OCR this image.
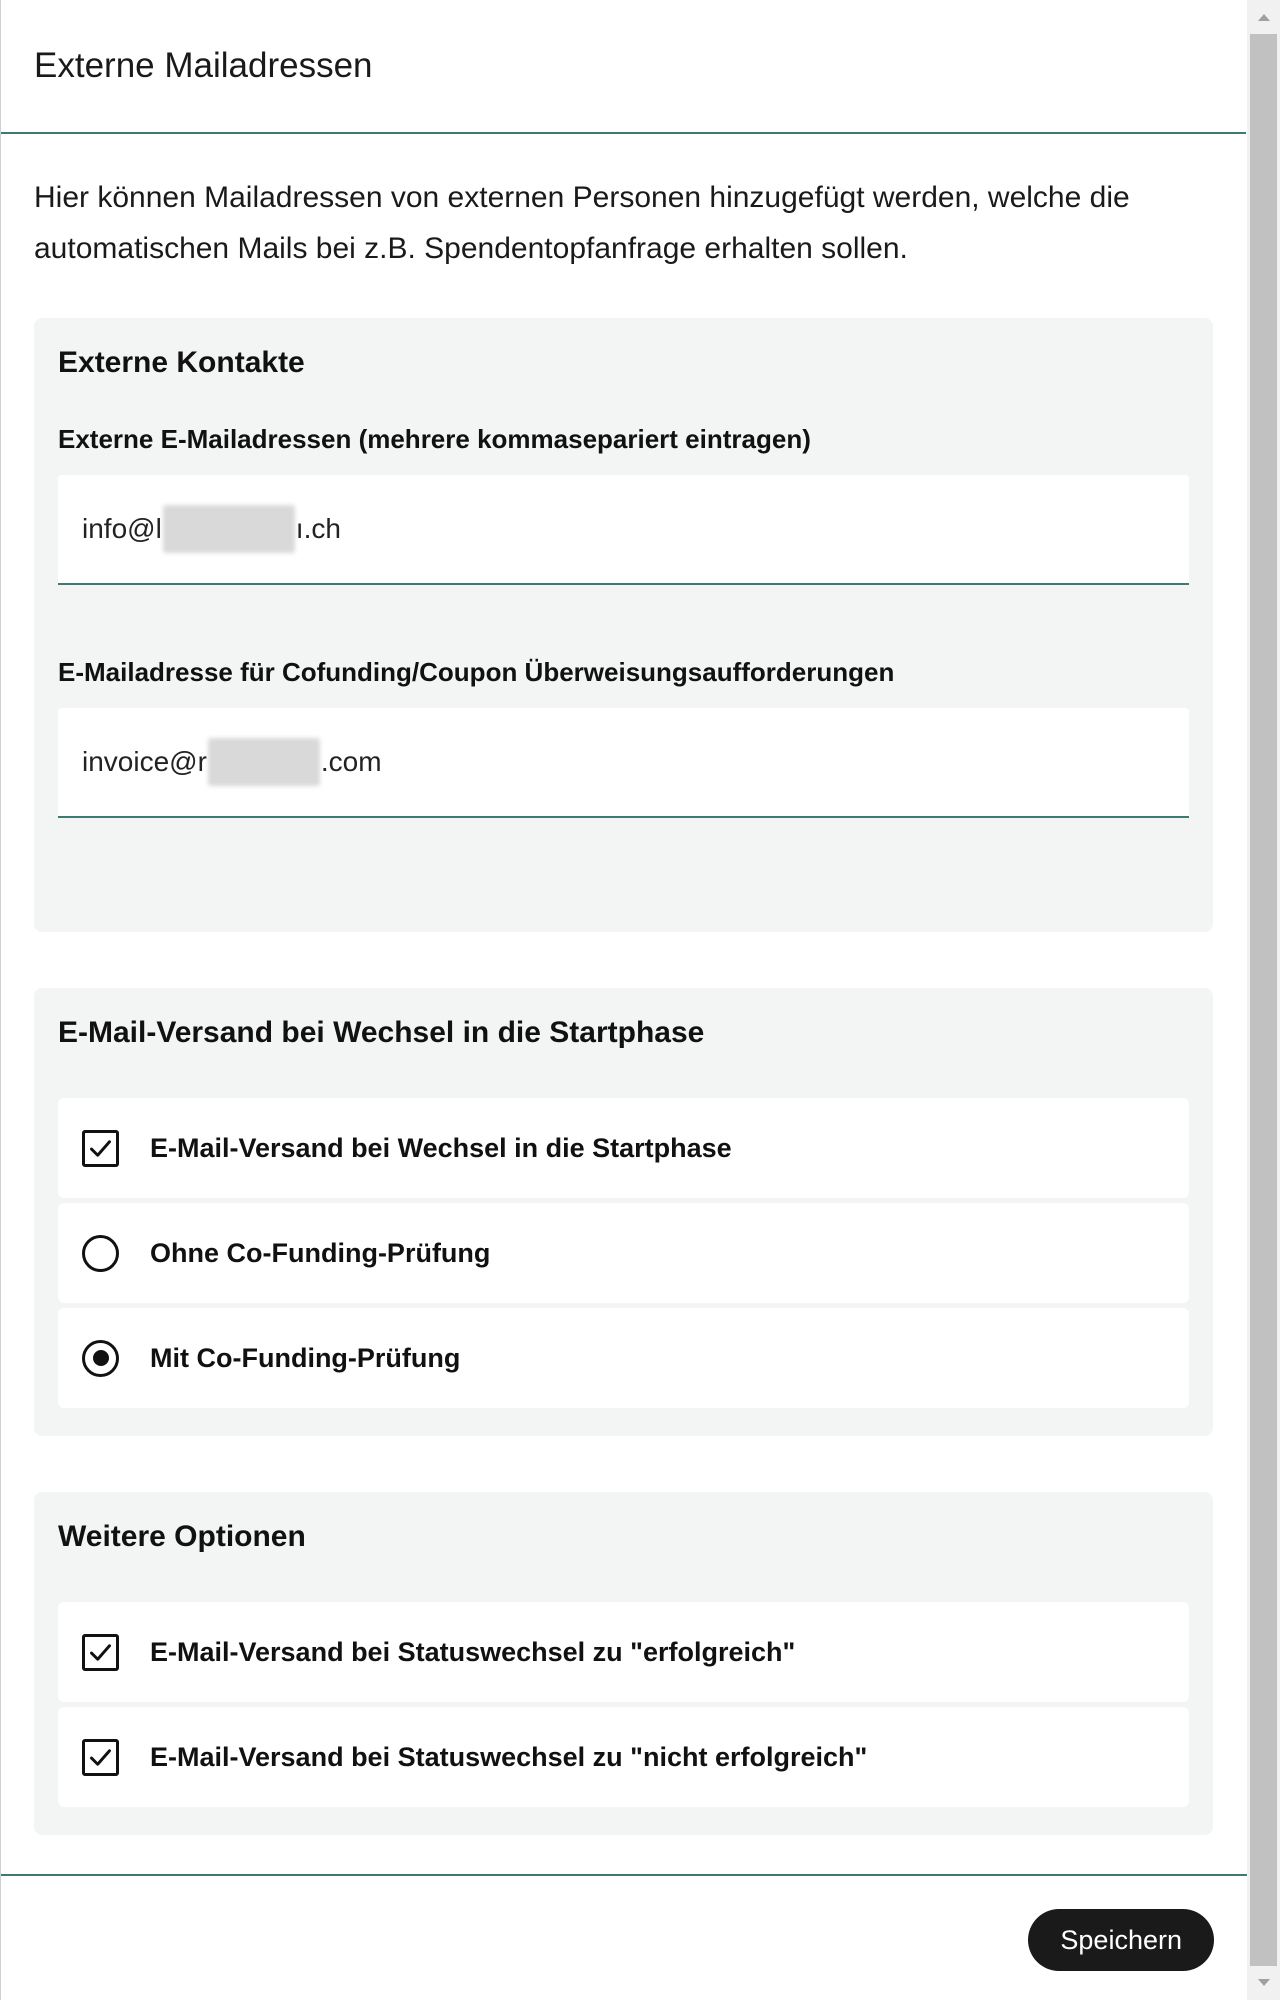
Externe Mailadressen

Hier können Mailadressen von externen Personen hinzugefügt werden, welche die automatischen Mails bei z.B. Spendentopfanfrage erhalten sollen.

Externe Kontakte
Externe E-Mailadressen (mehrere kommasepariert eintragen)
info@l	ı.ch
E-Mailadresse für Cofunding/Coupon Überweisungsaufforderungen
invoice@r	.com
E-Mail-Versand bei Wechsel in die Startphase
E-Mail-Versand bei Wechsel in die Startphase
Ohne Co-Funding-Prüfung
Mit Co-Funding-Prüfung
Weitere Optionen
E-Mail-Versand bei Statuswechsel zu "erfolgreich"
E-Mail-Versand bei Statuswechsel zu "nicht erfolgreich"
Speichern
